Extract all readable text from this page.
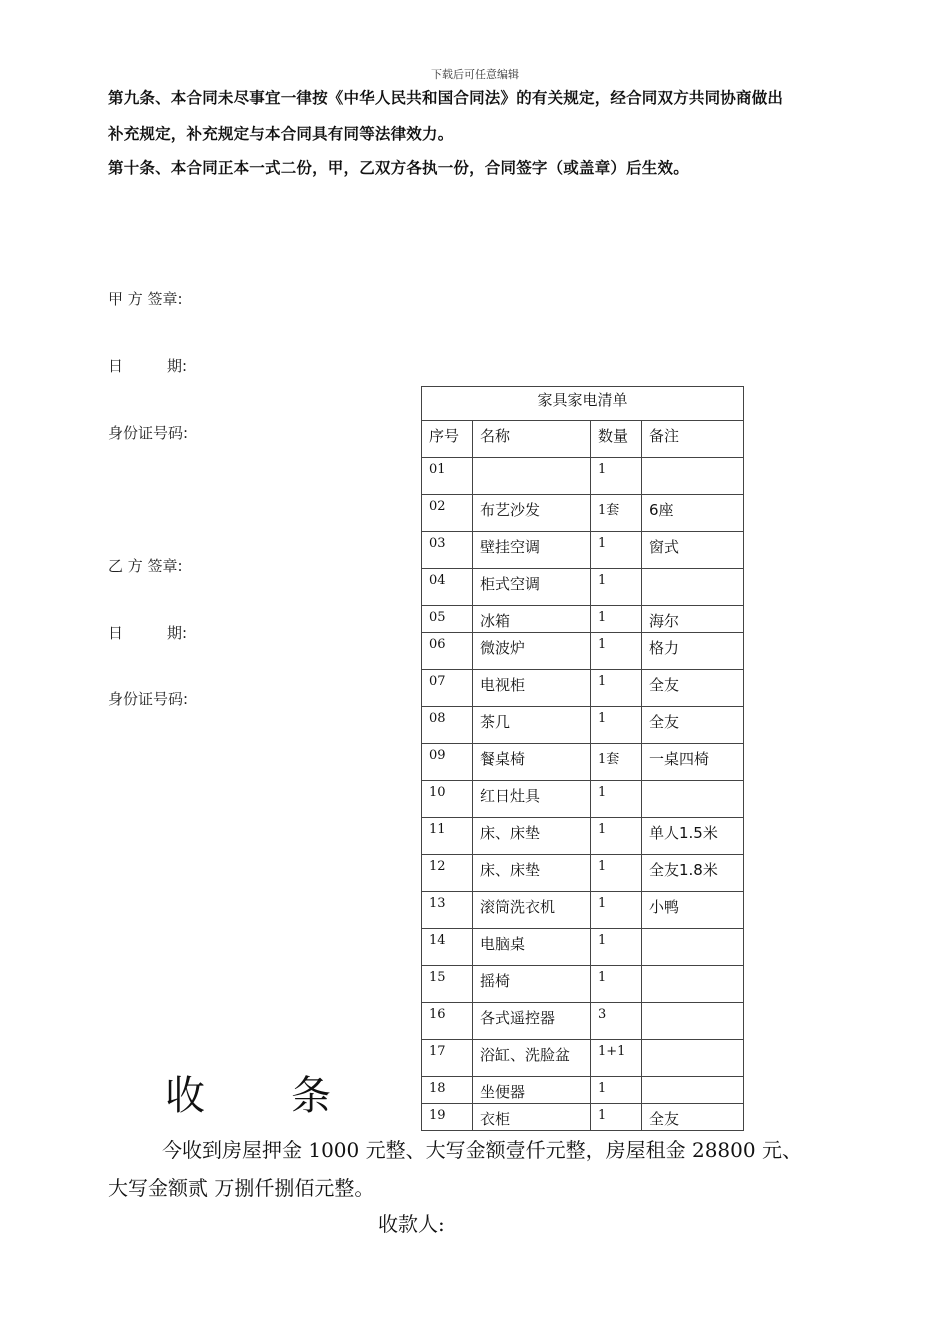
下载后可任意编辑
第九条、本合同未尽事宜一律按《中华人民共和国合同法》的有关规定，经合同双方共同协商做出
补充规定，补充规定与本合同具有同等法律效力。
第十条、本合同正本一式二份，甲，乙双方各执一份，合同签字（或盖章）后生效。
甲 方 签章:
日	期:
身份证号码:
乙 方 签章:
日	期:
身份证号码:
家具家电清单			
序号	名称	数量	备注
01		1	
02	布艺沙发	1套	6座
03	壁挂空调	1	窗式
04	柜式空调	1	
05	冰箱	1	海尔
06	微波炉	1	格力
07	电视柜	1	全友
08	茶几	1	全友
09	餐桌椅	1套	一桌四椅
10	红日灶具	1	
11	床、床垫	1	单人1.5米
12	床、床垫	1	全友1.8米
13	滚筒洗衣机	1	小鸭
14	电脑桌	1	
15	摇椅	1	
16	各式遥控器	3	
17	浴缸、洗脸盆	1+1	
18	坐便器	1	
19	衣柜	1	全友
收 条
今收到房屋押金 1000 元整、大写金额壹仟元整，房屋租金 28800 元、
大写金额贰 万捌仟捌佰元整。
收款人:
